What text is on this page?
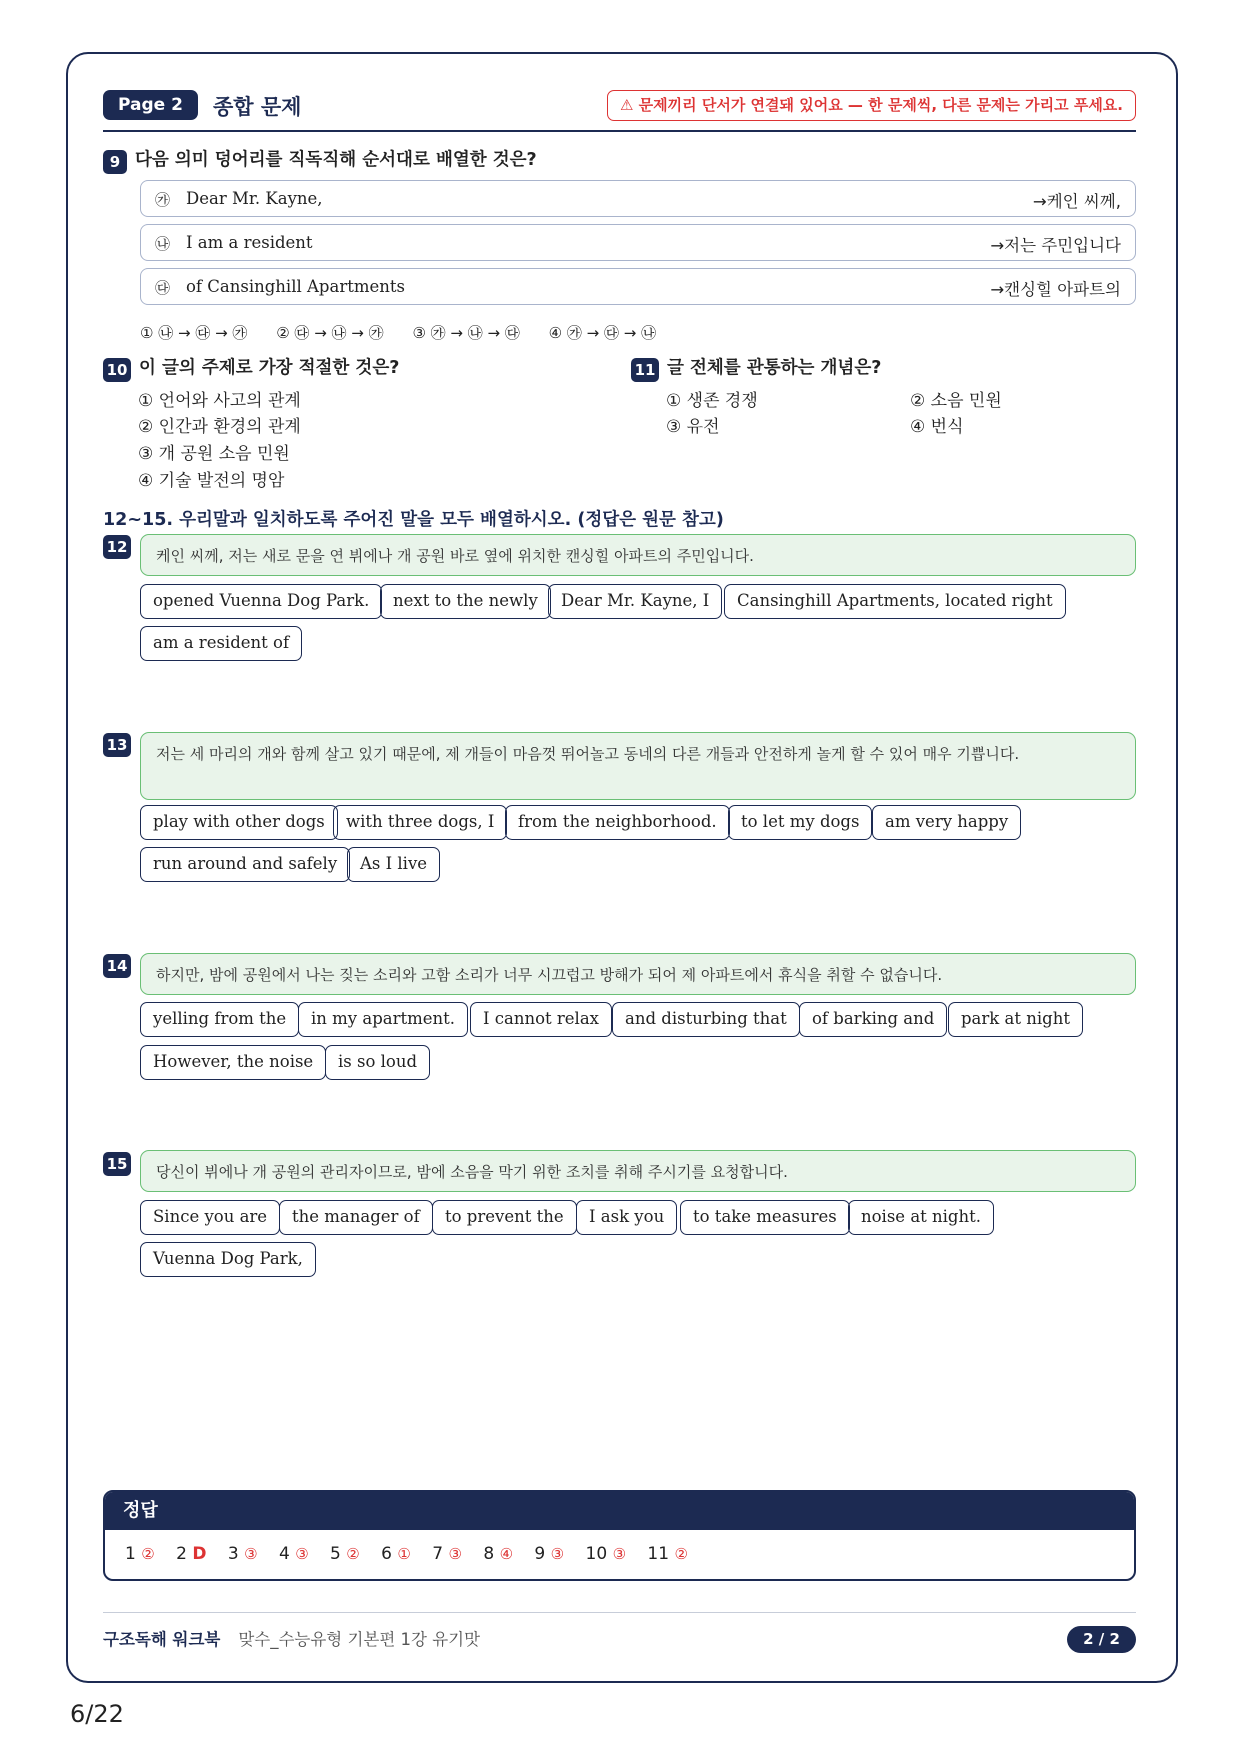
Page 2	종합 문제	⚠ 문제끼리 단서가 연결돼 있어요 — 한 문제씩, 다른 문제는 가리고 푸세요.
9 다음 의미 덩어리를 직독직해 순서대로 배열한 것은?
㉮ Dear Mr. Kayne,	→케인 씨께,
㉯ I am a resident	→저는 주민입니다
㉰ of Cansinghill Apartments	→캔싱힐 아파트의
① ㉯ → ㉰ → ㉮ ② ㉰ → ㉯ → ㉮ ③ ㉮ → ㉯ → ㉰ ④ ㉮ → ㉰ → ㉯
10 이 글의 주제로 가장 적절한 것은?
① 언어와 사고의 관계
② 인간과 환경의 관계
③ 개 공원 소음 민원
④ 기술 발전의 명암
11 글 전체를 관통하는 개념은?
① 생존 경쟁	② 소음 민원
③ 유전	④ 번식
12~15. 우리말과 일치하도록 주어진 말을 모두 배열하시오. (정답은 원문 참고)
12	케인 씨께, 저는 새로 문을 연 뷔에나 개 공원 바로 옆에 위치한 캔싱힐 아파트의 주민입니다.
opened Vuenna Dog Park.	next to the newly	Dear Mr. Kayne, I	Cansinghill Apartments, located right
am a resident of
13	저는 세 마리의 개와 함께 살고 있기 때문에, 제 개들이 마음껏 뛰어놀고 동네의 다른 개들과 안전하게 놀게 할 수 있어 매우 기쁩니다.
play with other dogs	with three dogs, I	from the neighborhood.	to let my dogs	am very happy
run around and safely	As I live
14	하지만, 밤에 공원에서 나는 짖는 소리와 고함 소리가 너무 시끄럽고 방해가 되어 제 아파트에서 휴식을 취할 수 없습니다.
yelling from the	in my apartment.	I cannot relax	and disturbing that	of barking and	park at night
However, the noise	is so loud
15	당신이 뷔에나 개 공원의 관리자이므로, 밤에 소음을 막기 위한 조치를 취해 주시기를 요청합니다.
Since you are	the manager of	to prevent the	I ask you	to take measures	noise at night.
Vuenna Dog Park,
정답
1 ② 2 D 3 ③ 4 ③ 5 ② 6 ① 7 ③ 8 ④ 9 ③ 10 ③ 11 ②
구조독해 워크북 맞수_수능유형 기본편 1강 유기맛	2 / 2
6/22
